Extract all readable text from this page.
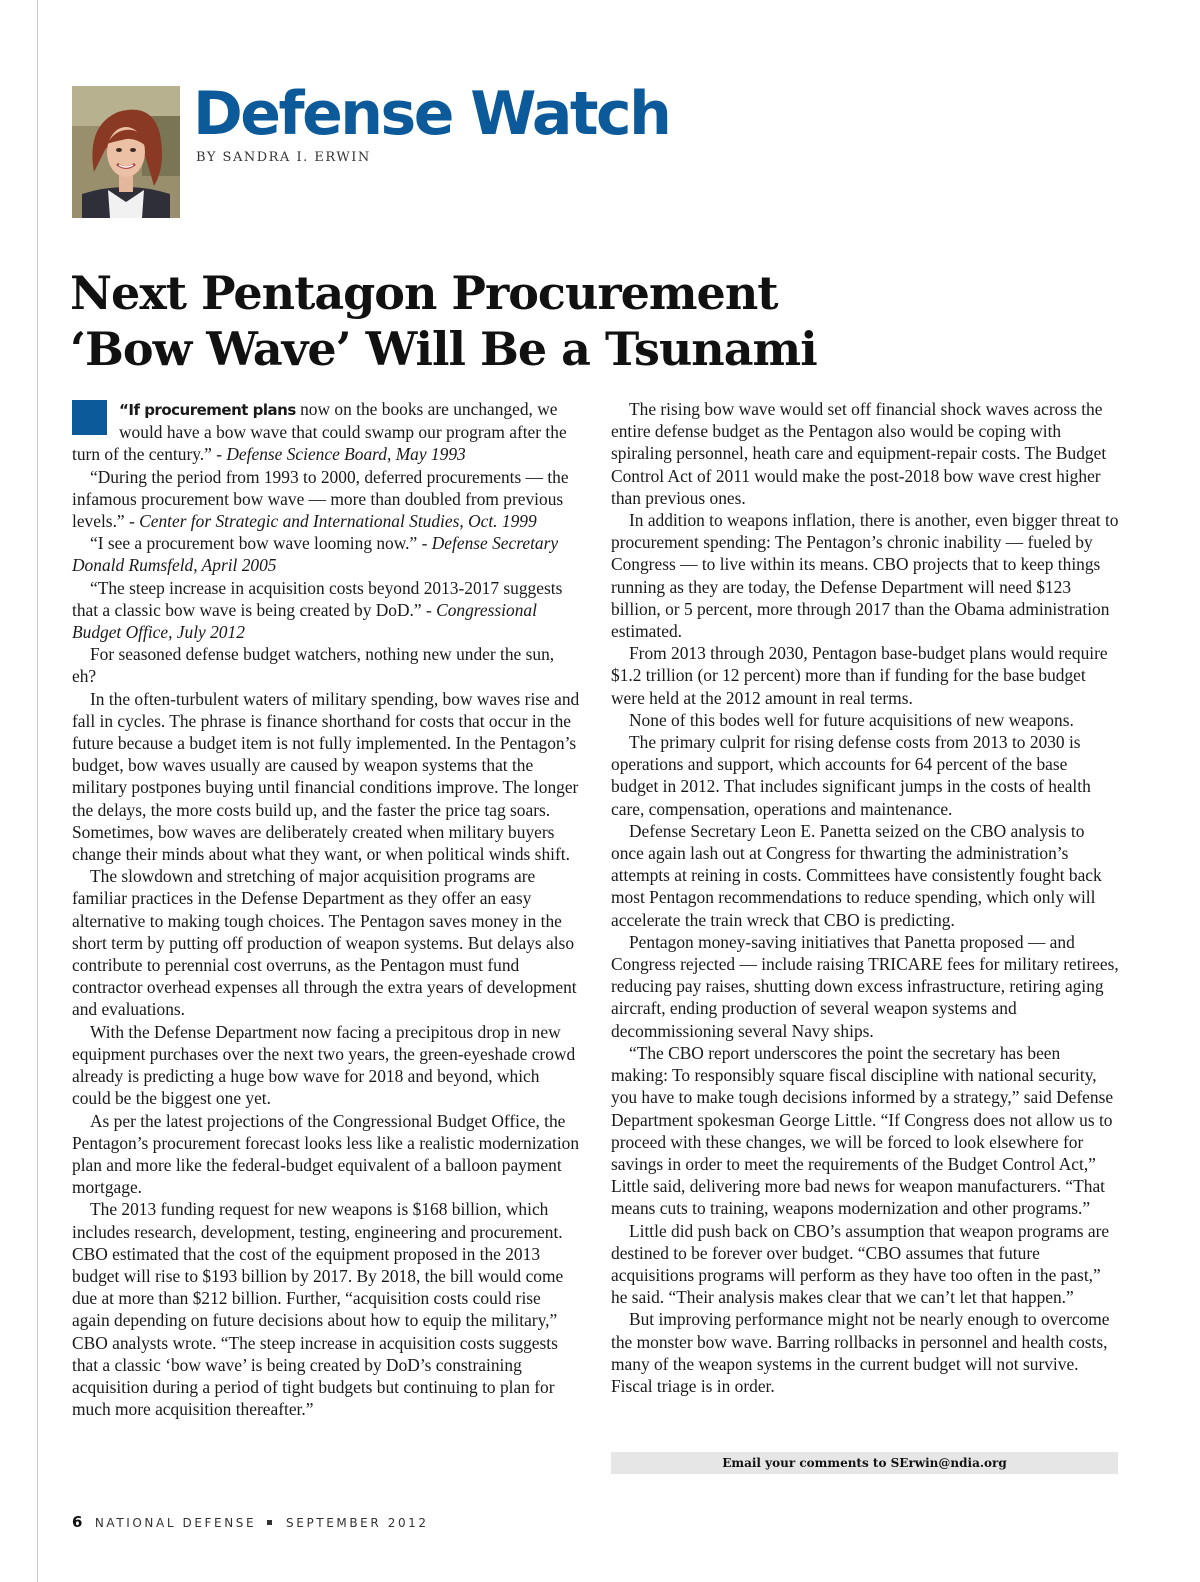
Defense Watch
BY SANDRA I. ERWIN
Next Pentagon Procurement
‘Bow Wave’ Will Be a Tsunami

“If procurement plans now on the books are unchanged, we would have a bow wave that could swamp our program after the turn of the century.” - Defense Science Board, May 1993

“During the period from 1993 to 2000, deferred procurements — the infamous procurement bow wave — more than doubled from previous levels.” - Center for Strategic and International Studies, Oct. 1999

“I see a procurement bow wave looming now.” - Defense Secretary Donald Rumsfeld, April 2005

“The steep increase in acquisition costs beyond 2013-2017 suggests that a classic bow wave is being created by DoD.” - Congressional Budget Office, July 2012

For seasoned defense budget watchers, nothing new under the sun, eh?

In the often-turbulent waters of military spending, bow waves rise and fall in cycles. The phrase is finance shorthand for costs that occur in the future because a budget item is not fully implemented. In the Pentagon’s budget, bow waves usually are caused by weapon systems that the military postpones buying until financial conditions improve. The longer the delays, the more costs build up, and the faster the price tag soars. Sometimes, bow waves are deliberately created when military buyers change their minds about what they want, or when political winds shift.

The slowdown and stretching of major acquisition programs are familiar practices in the Defense Department as they offer an easy alternative to making tough choices. The Pentagon saves money in the short term by putting off production of weapon systems. But delays also contribute to perennial cost overruns, as the Pentagon must fund contractor overhead expenses all through the extra years of development and evaluations.

With the Defense Department now facing a precipitous drop in new equipment purchases over the next two years, the green-eyeshade crowd already is predicting a huge bow wave for 2018 and beyond, which could be the biggest one yet.

As per the latest projections of the Congressional Budget Office, the Pentagon’s procurement forecast looks less like a realistic modernization plan and more like the federal-budget equivalent of a balloon payment mortgage.

The 2013 funding request for new weapons is $168 billion, which includes research, development, testing, engineering and procurement. CBO estimated that the cost of the equipment proposed in the 2013 budget will rise to $193 billion by 2017. By 2018, the bill would come due at more than $212 billion. Further, “acquisition costs could rise again depending on future decisions about how to equip the military,” CBO analysts wrote. “The steep increase in acquisition costs suggests that a classic ‘bow wave’ is being created by DoD’s constraining acquisition during a period of tight budgets but continuing to plan for much more acquisition thereafter.”

The rising bow wave would set off financial shock waves across the entire defense budget as the Pentagon also would be coping with spiraling personnel, heath care and equipment-repair costs. The Budget Control Act of 2011 would make the post-2018 bow wave crest higher than previous ones.

In addition to weapons inflation, there is another, even bigger threat to procurement spending: The Pentagon’s chronic inability — fueled by Congress — to live within its means. CBO projects that to keep things running as they are today, the Defense Department will need $123 billion, or 5 percent, more through 2017 than the Obama administration estimated.

From 2013 through 2030, Pentagon base-budget plans would require $1.2 trillion (or 12 percent) more than if funding for the base budget were held at the 2012 amount in real terms.

None of this bodes well for future acquisitions of new weapons.

The primary culprit for rising defense costs from 2013 to 2030 is operations and support, which accounts for 64 percent of the base budget in 2012. That includes significant jumps in the costs of health care, compensation, operations and maintenance.

Defense Secretary Leon E. Panetta seized on the CBO analysis to once again lash out at Congress for thwarting the administration’s attempts at reining in costs. Committees have consistently fought back most Pentagon recommendations to reduce spending, which only will accelerate the train wreck that CBO is predicting.

Pentagon money-saving initiatives that Panetta proposed — and Congress rejected — include raising TRICARE fees for military retirees, reducing pay raises, shutting down excess infrastructure, retiring aging aircraft, ending production of several weapon systems and decommissioning several Navy ships.

“The CBO report underscores the point the secretary has been making: To responsibly square fiscal discipline with national security, you have to make tough decisions informed by a strategy,” said Defense Department spokesman George Little. “If Congress does not allow us to proceed with these changes, we will be forced to look elsewhere for savings in order to meet the requirements of the Budget Control Act,” Little said, delivering more bad news for weapon manufacturers. “That means cuts to training, weapons modernization and other programs.”

Little did push back on CBO’s assumption that weapon programs are destined to be forever over budget. “CBO assumes that future acquisitions programs will perform as they have too often in the past,” he said. “Their analysis makes clear that we can’t let that happen.”

But improving performance might not be nearly enough to overcome the monster bow wave. Barring rollbacks in personnel and health costs, many of the weapon systems in the current budget will not survive. Fiscal triage is in order.

Email your comments to SErwin@ndia.org
6 NATIONAL DEFENSE SEPTEMBER 2012
